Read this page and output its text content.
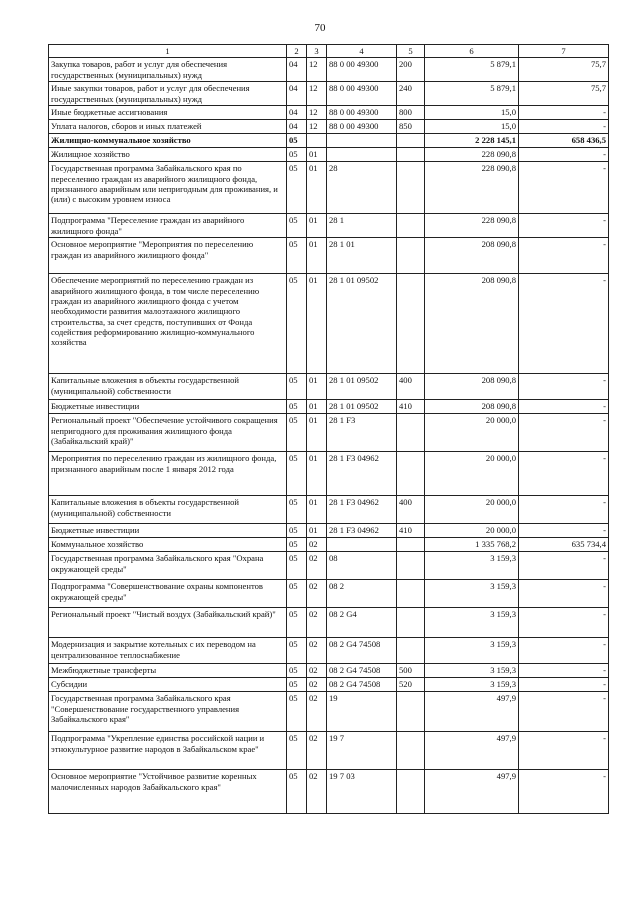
70
1	2	3	4	5	6	7
Закупка товаров, работ и услуг для обеспечения государственных (муниципальных) нужд	04	12	88 0 00 49300	200	5 879,1	75,7
Иные закупки товаров, работ и услуг для обеспечения государственных (муниципальных) нужд	04	12	88 0 00 49300	240	5 879,1	75,7
Иные бюджетные ассигнования	04	12	88 0 00 49300	800	15,0	-
Уплата налогов, сборов и иных платежей	04	12	88 0 00 49300	850	15,0	-
Жилищно-коммунальное хозяйство	05				2 228 145,1	658 436,5
Жилищное хозяйство	05	01			228 090,8	-
Государственная программа Забайкальского края по переселению граждан из аварийного жилищного фонда, признанного аварийным или непригодным для проживания, и (или) с высоким уровнем износа	05	01	28		228 090,8	-
Подпрограмма "Переселение граждан из аварийного жилищного фонда"	05	01	28 1		228 090,8	-
Основное мероприятие "Мероприятия по переселению граждан из аварийного жилищного фонда"	05	01	28 1 01		208 090,8	-
Обеспечение мероприятий по переселению граждан из аварийного жилищного фонда, в том числе переселению граждан из аварийного жилищного фонда с учетом необходимости развития малоэтажного жилищного строительства, за счет средств, поступивших от Фонда содействия реформированию жилищно-коммунального хозяйства	05	01	28 1 01 09502		208 090,8	-
Капитальные вложения в объекты государственной (муниципальной) собственности	05	01	28 1 01 09502	400	208 090,8	-
Бюджетные инвестиции	05	01	28 1 01 09502	410	208 090,8	-
Региональный проект "Обеспечение устойчивого сокращения непригодного для проживания жилищного фонда (Забайкальский край)"	05	01	28 1 F3		20 000,0	-
Мероприятия по переселению граждан из жилищного фонда, признанного аварийным после 1 января 2012 года	05	01	28 1 F3 04962		20 000,0	-
Капитальные вложения в объекты государственной (муниципальной) собственности	05	01	28 1 F3 04962	400	20 000,0	-
Бюджетные инвестиции	05	01	28 1 F3 04962	410	20 000,0	-
Коммунальное хозяйство	05	02			1 335 768,2	635 734,4
Государственная программа Забайкальского края "Охрана окружающей среды"	05	02	08		3 159,3	-
Подпрограмма "Совершенствование охраны компонентов окружающей среды"	05	02	08 2		3 159,3	-
Региональный проект "Чистый воздух (Забайкальский край)"	05	02	08 2 G4		3 159,3	-
Модернизация и закрытие котельных с их переводом на централизованное теплоснабжение	05	02	08 2 G4 74508		3 159,3	-
Межбюджетные трансферты	05	02	08 2 G4 74508	500	3 159,3	-
Субсидии	05	02	08 2 G4 74508	520	3 159,3	-
Государственная программа Забайкальского края "Совершенствование государственного управления Забайкальского края"	05	02	19		497,9	-
Подпрограмма "Укрепление единства российской нации и этнокультурное развитие народов в Забайкальском крае"	05	02	19 7		497,9	-
Основное мероприятие "Устойчивое развитие коренных малочисленных народов Забайкальского края"	05	02	19 7 03		497,9	-
